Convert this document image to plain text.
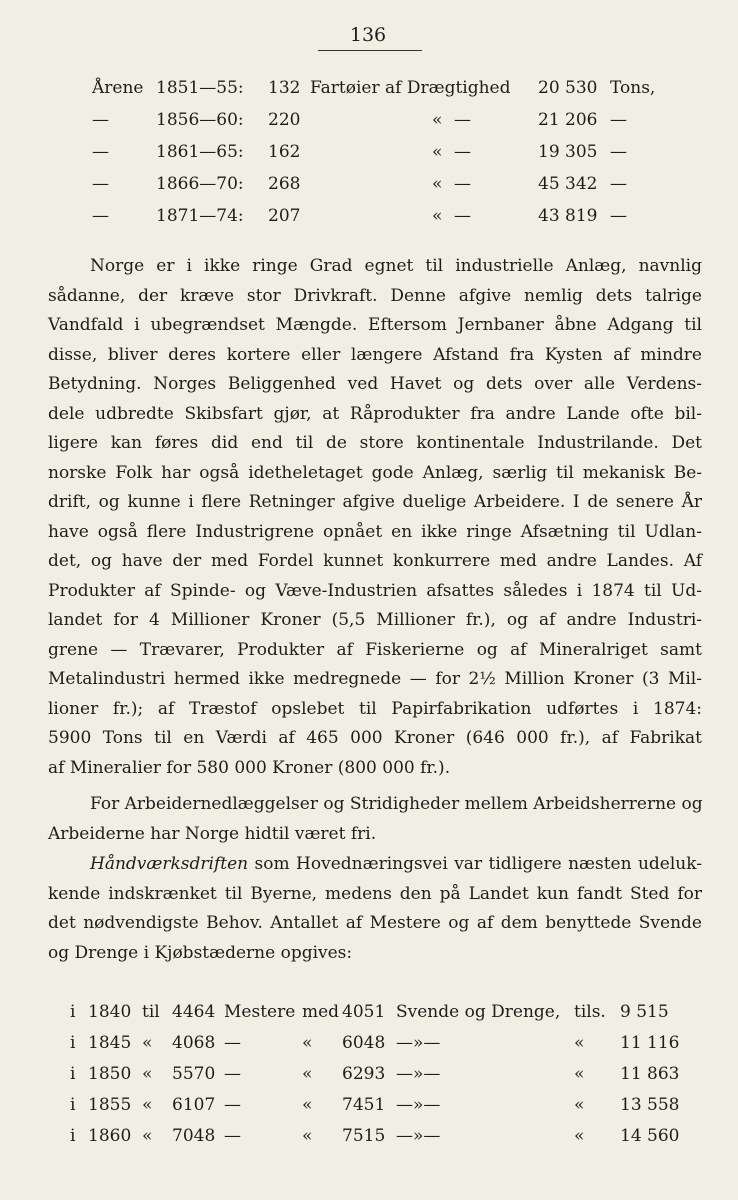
136
Årene 1851—55: 132 Fartøier af Drægtighed 20 530 Tons,
—	1856—60: 220	« —	21 206 —
—	1861—65: 162	« —	19 305 —
—	1866—70: 268	« —	45 342 —
—	1871—74: 207	« —	43 819 —
Norge er i ikke ringe Grad egnet til industrielle Anlæg, navnlig
sådanne, der kræve stor Drivkraft. Denne afgive nemlig dets talrige
Vandfald i ubegrændset Mængde. Eftersom Jernbaner åbne Adgang til
disse, bliver deres kortere eller længere Afstand fra Kysten af mindre
Betydning. Norges Beliggenhed ved Havet og dets over alle Verdens-
dele udbredte Skibsfart gjør, at Råprodukter fra andre Lande ofte bil-
ligere kan føres did end til de store kontinentale Industrilande. Det
norske Folk har også idetheletaget gode Anlæg, særlig til mekanisk Be-
drift, og kunne i flere Retninger afgive duelige Arbeidere. I de senere År
have også flere Industrigrene opnået en ikke ringe Afsætning til Udlan-
det, og have der med Fordel kunnet konkurrere med andre Landes. Af
Produkter af Spinde- og Væve-Industrien afsattes således i 1874 til Ud-
landet for 4 Millioner Kroner (5,5 Millioner fr.), og af andre Industri-
grene — Trævarer, Produkter af Fiskerierne og af Mineralriget samt
Metalindustri hermed ikke medregnede — for 2½ Million Kroner (3 Mil-
lioner fr.); af Træstof opslebet til Papirfabrikation udførtes i 1874:
5900 Tons til en Værdi af 465 000 Kroner (646 000 fr.), af Fabrikat
af Mineralier for 580 000 Kroner (800 000 fr.).
For Arbeidernedlæggelser og Stridigheder mellem Arbeidsherrerne og
Arbeiderne har Norge hidtil været fri.
Håndværksdriften som Hovednæringsvei var tidligere næsten udeluk-
kende indskrænket til Byerne, medens den på Landet kun fandt Sted for
det nødvendigste Behov. Antallet af Mestere og af dem benyttede Svende
og Drenge i Kjøbstæderne opgives:
i 1840 til 4464 Mestere med 4051 Svende og Drenge, tils. 9 515
i 1845 « 4068 —	« 6048 —»—	« 11 116
i 1850 « 5570 —	« 6293 —»—	« 11 863
i 1855 « 6107 —	« 7451 —»—	« 13 558
i 1860 « 7048 —	« 7515 —»—	« 14 560
